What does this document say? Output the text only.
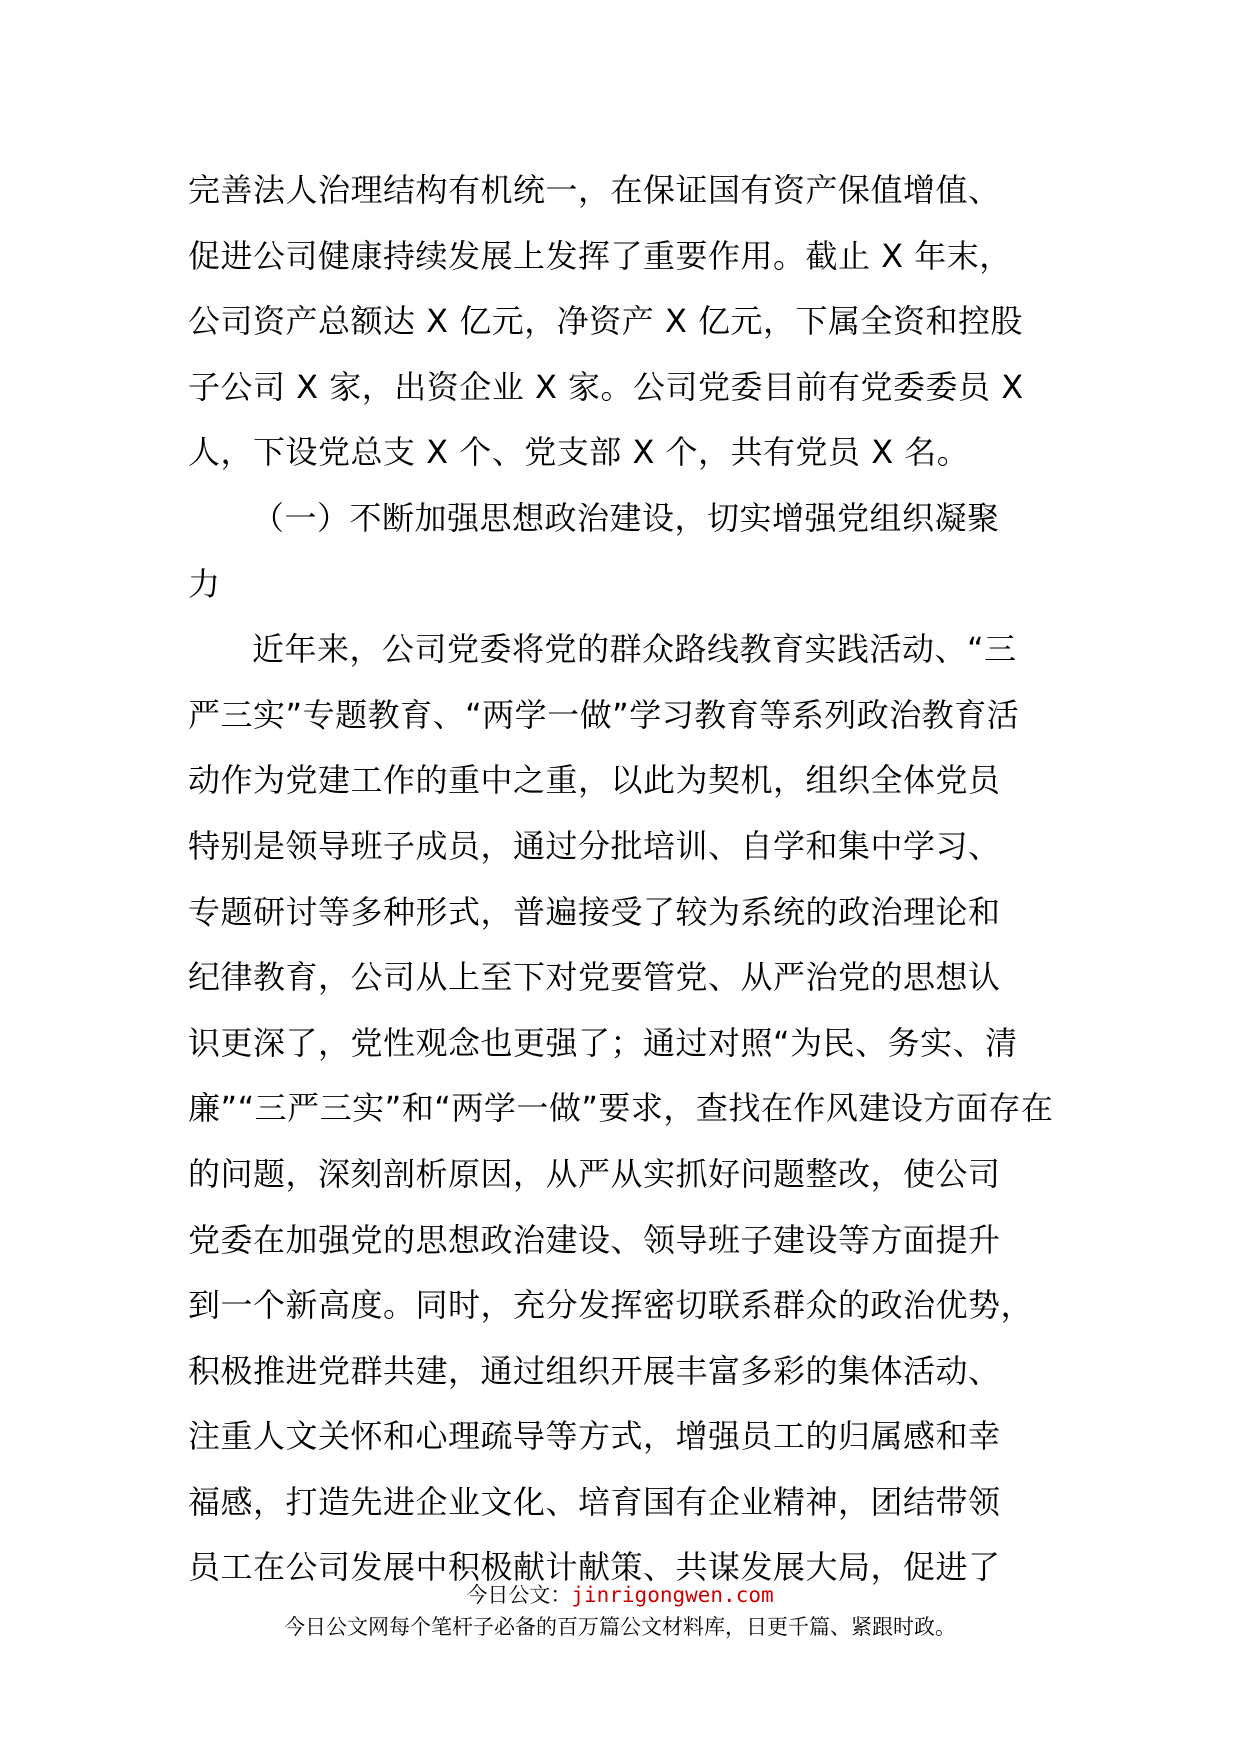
完善法人治理结构有机统一，在保证国有资产保值增值、
促进公司健康持续发展上发挥了重要作用。截止 X 年末，
公司资产总额达 X 亿元，净资产 X 亿元，下属全资和控股
子公司 X 家，出资企业 X 家。公司党委目前有党委委员 X
人，下设党总支 X 个、党支部 X 个，共有党员 X 名。
（一）不断加强思想政治建设，切实增强党组织凝聚
力
近年来，公司党委将党的群众路线教育实践活动、“三
严三实”专题教育、“两学一做”学习教育等系列政治教育活
动作为党建工作的重中之重，以此为契机，组织全体党员
特别是领导班子成员，通过分批培训、自学和集中学习、
专题研讨等多种形式，普遍接受了较为系统的政治理论和
纪律教育，公司从上至下对党要管党、从严治党的思想认
识更深了，党性观念也更强了；通过对照“为民、务实、清
廉”“三严三实”和“两学一做”要求，查找在作风建设方面存在
的问题，深刻剖析原因，从严从实抓好问题整改，使公司
党委在加强党的思想政治建设、领导班子建设等方面提升
到一个新高度。同时，充分发挥密切联系群众的政治优势，
积极推进党群共建，通过组织开展丰富多彩的集体活动、
注重人文关怀和心理疏导等方式，增强员工的归属感和幸
福感，打造先进企业文化、培育国有企业精神，团结带领
员工在公司发展中积极献计献策、共谋发展大局，促进了
今日公文：jinrigongwen.com
今日公文网每个笔杆子必备的百万篇公文材料库，日更千篇、紧跟时政。
